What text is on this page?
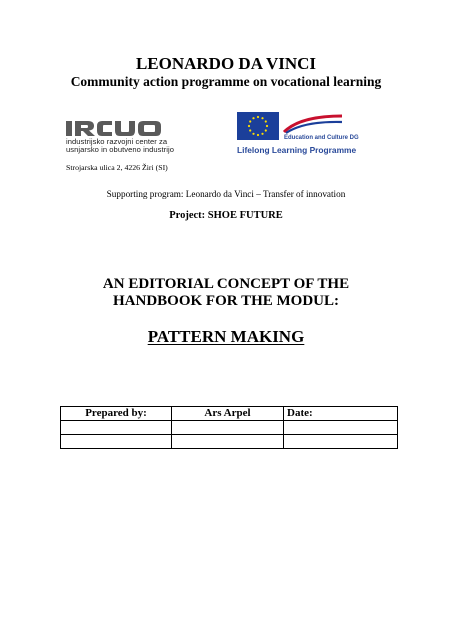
LEONARDO DA VINCI
Community action programme on vocational learning
industrijsko razvojni center za
usnjarsko in obutveno industrijo
Strojarska ulica 2, 4226 Žiri (SI)
Education and Culture DG
Lifelong Learning Programme
Supporting program: Leonardo da Vinci – Transfer of innovation
Project: SHOE FUTURE
AN EDITORIAL CONCEPT OF THE
HANDBOOK FOR THE MODUL:
PATTERN MAKING
Prepared by:	Ars Arpel	Date:
